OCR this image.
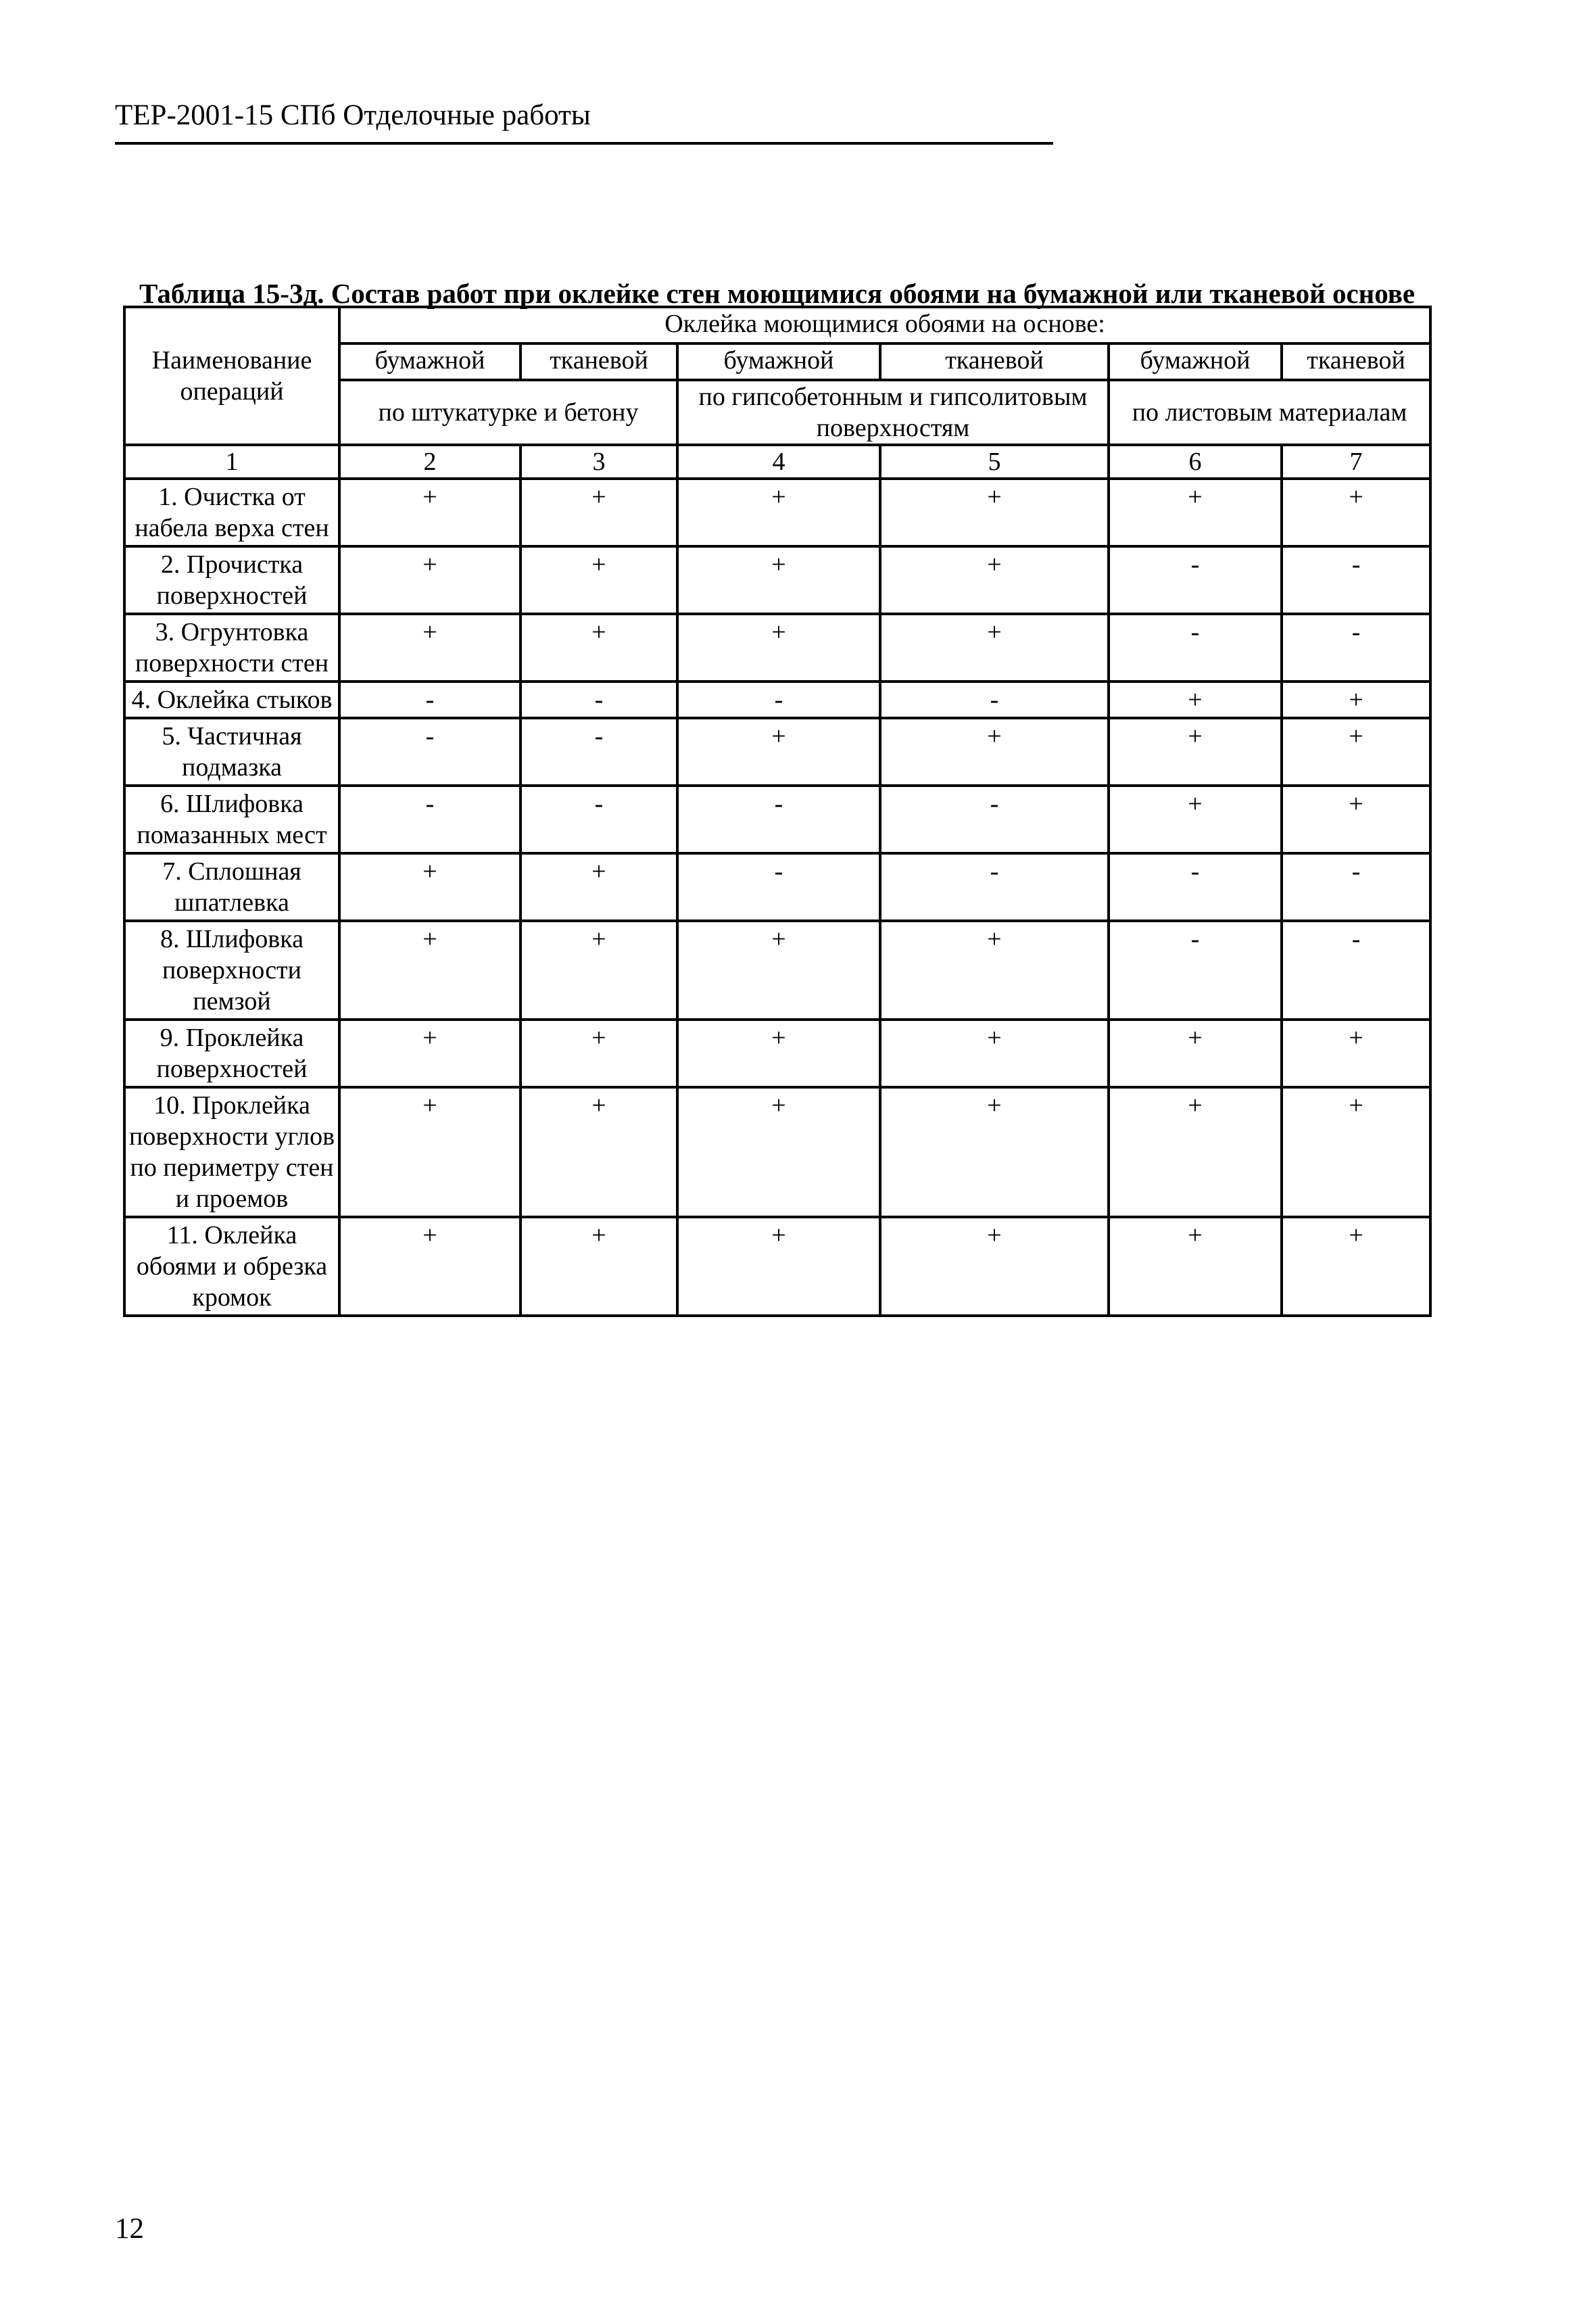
ТЕР-2001-15 СПб Отделочные работы
Таблица 15-3д. Состав работ при оклейке стен моющимися обоями на бумажной или тканевой основе
Наименование операций	Оклейка моющимися обоями на основе:					
	бумажной	тканевой	бумажной	тканевой	бумажной	тканевой
	по штукатурке и бетону		по гипсобетонным и гипсолитовым поверхностям		по листовым материалам	
1	2	3	4	5	6	7
1. Очистка от набела верха стен	+	+	+	+	+	+
2. Прочистка поверхностей	+	+	+	+	-	-
3. Огрунтовка поверхности стен	+	+	+	+	-	-
4. Оклейка стыков	-	-	-	-	+	+
5. Частичная подмазка	-	-	+	+	+	+
6. Шлифовка помазанных мест	-	-	-	-	+	+
7. Сплошная шпатлевка	+	+	-	-	-	-
8. Шлифовка поверхности пемзой	+	+	+	+	-	-
9. Проклейка поверхностей	+	+	+	+	+	+
10. Проклейка поверхности углов по периметру стен и проемов	+	+	+	+	+	+
11. Оклейка обоями и обрезка кромок	+	+	+	+	+	+
12
